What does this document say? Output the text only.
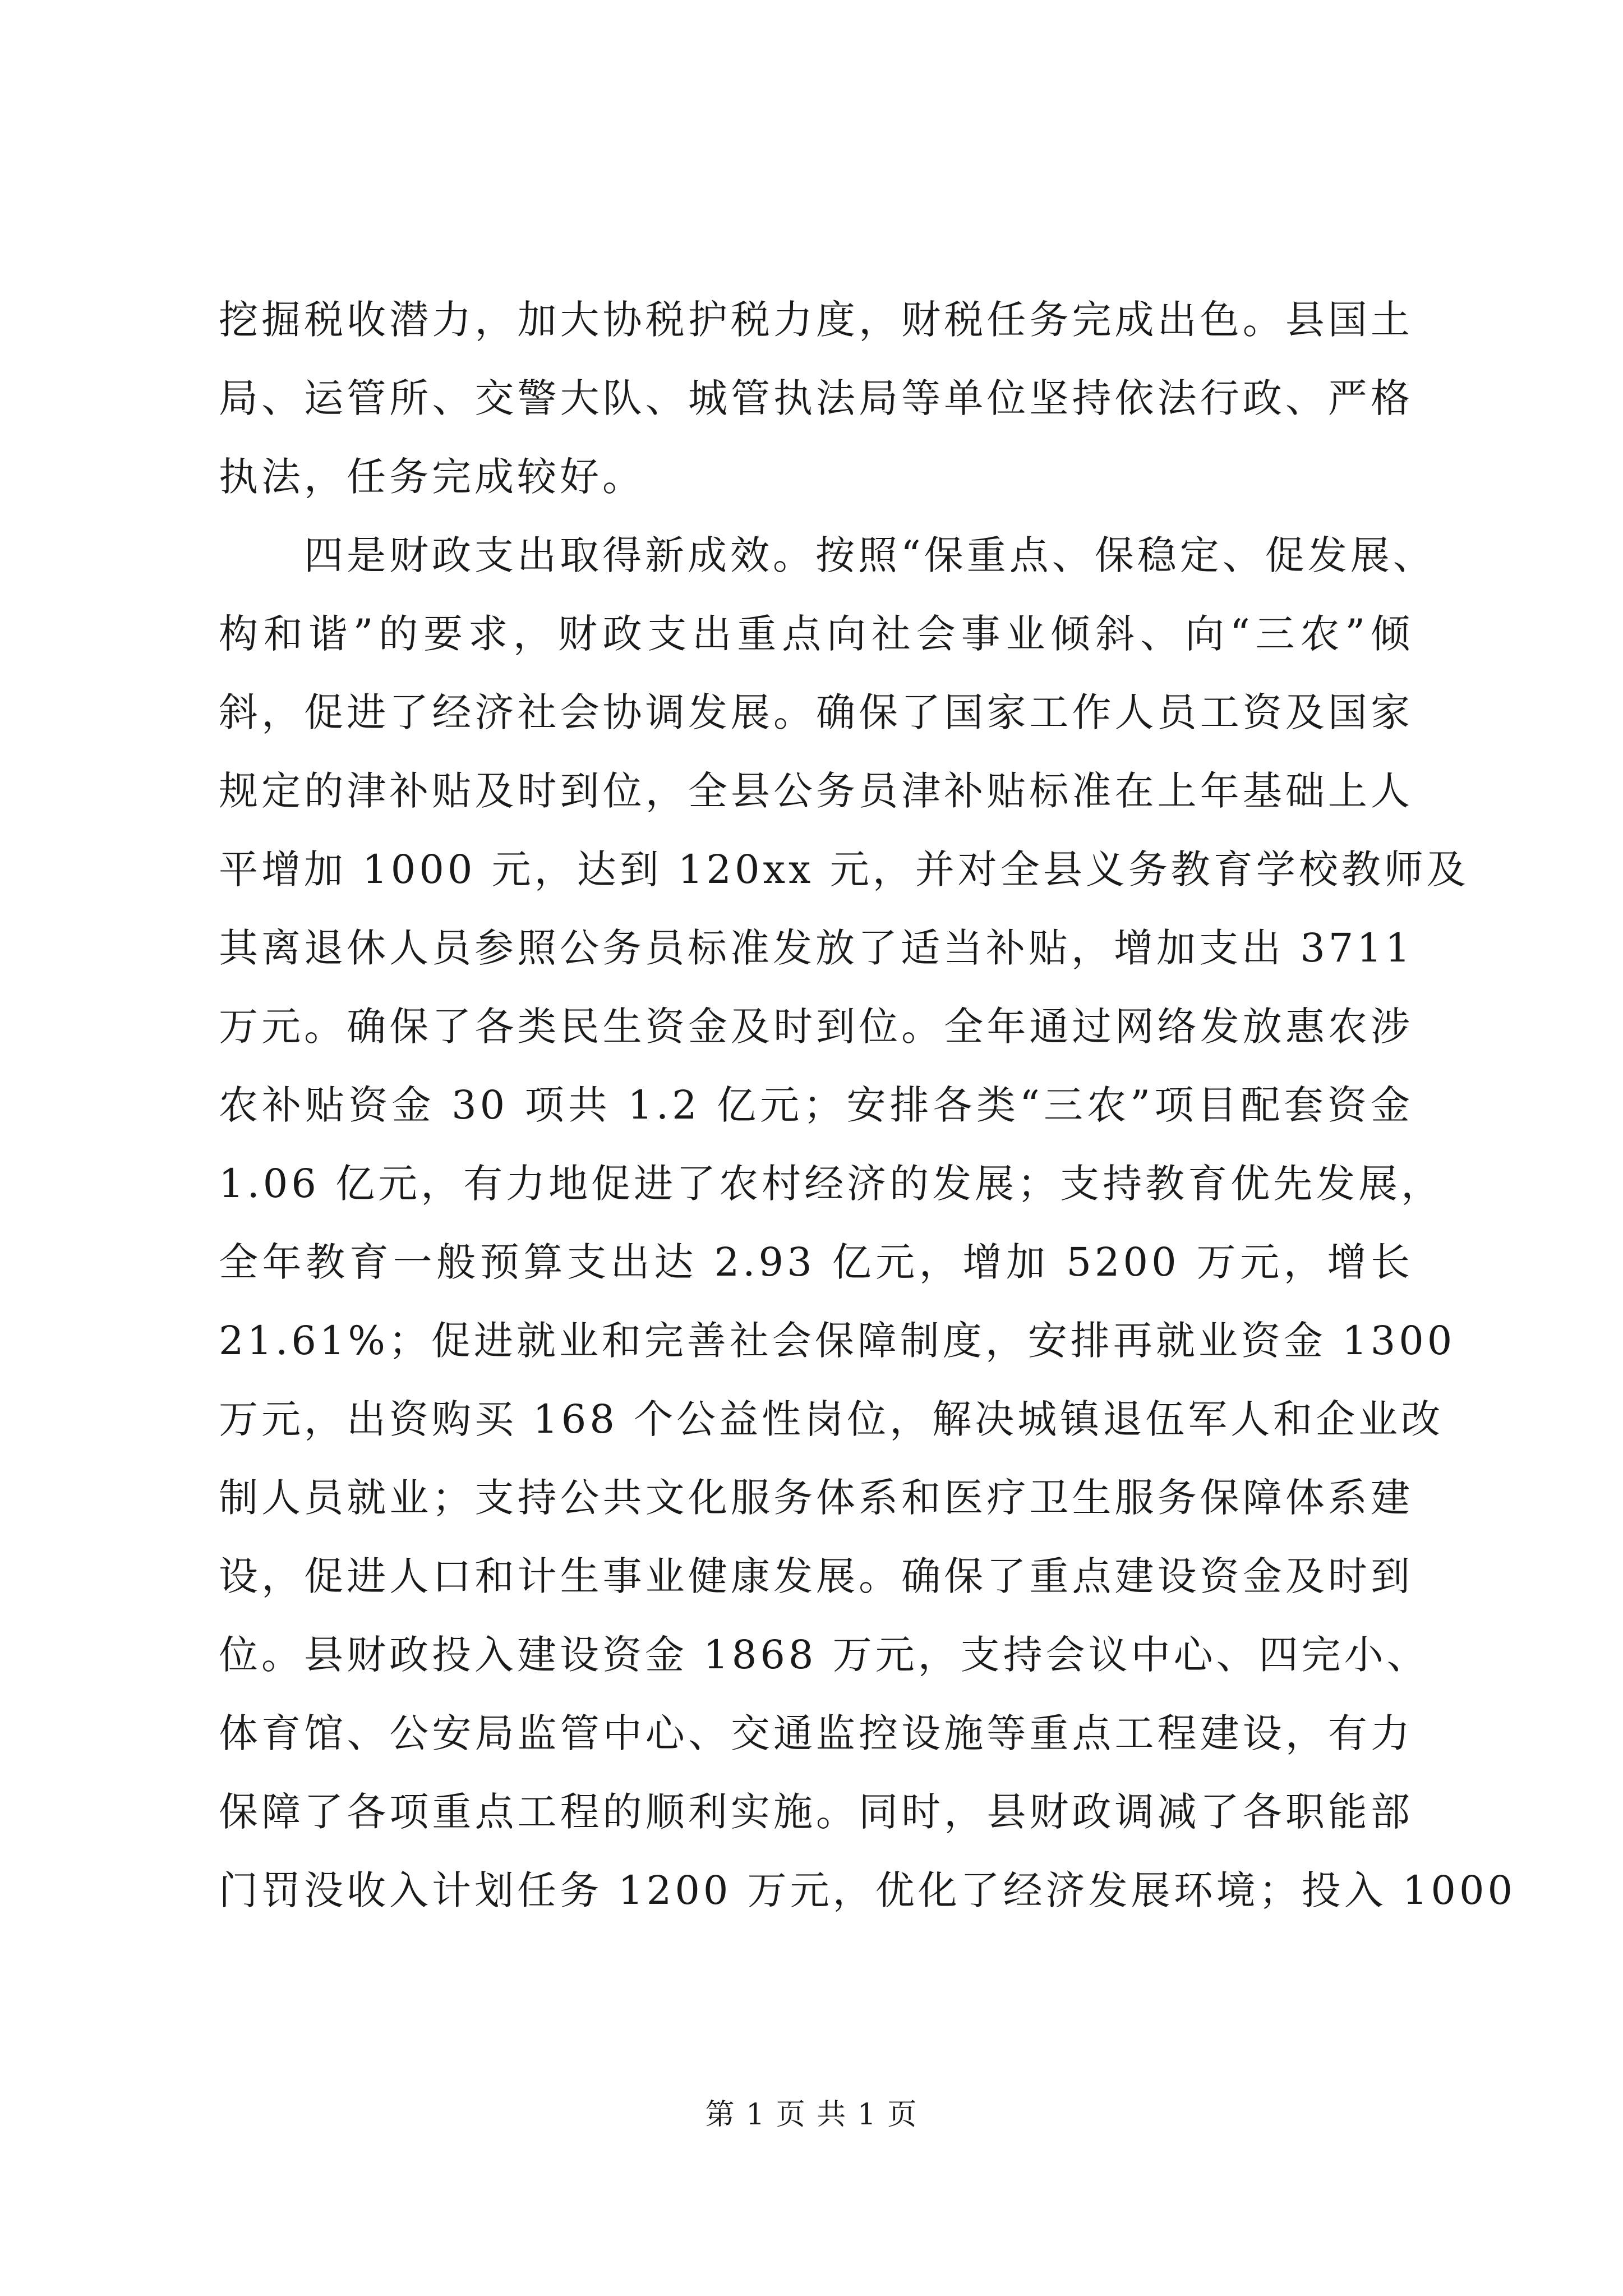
挖掘税收潜力，加大协税护税力度，财税任务完成出色。县国土
局、运管所、交警大队、城管执法局等单位坚持依法行政、严格
执法，任务完成较好。
　　四是财政支出取得新成效。按照“保重点、保稳定、促发展、
构和谐”的要求，财政支出重点向社会事业倾斜、向“三农”倾
斜，促进了经济社会协调发展。确保了国家工作人员工资及国家
规定的津补贴及时到位，全县公务员津补贴标准在上年基础上人
平增加 1000 元，达到 120xx 元，并对全县义务教育学校教师及
其离退休人员参照公务员标准发放了适当补贴，增加支出 3711
万元。确保了各类民生资金及时到位。全年通过网络发放惠农涉
农补贴资金 30 项共 1.2 亿元；安排各类“三农”项目配套资金
1.06 亿元，有力地促进了农村经济的发展；支持教育优先发展，
全年教育一般预算支出达 2.93 亿元，增加 5200 万元，增长
21.61%；促进就业和完善社会保障制度，安排再就业资金 1300
万元，出资购买 168 个公益性岗位，解决城镇退伍军人和企业改
制人员就业；支持公共文化服务体系和医疗卫生服务保障体系建
设，促进人口和计生事业健康发展。确保了重点建设资金及时到
位。县财政投入建设资金 1868 万元，支持会议中心、四完小、
体育馆、公安局监管中心、交通监控设施等重点工程建设，有力
保障了各项重点工程的顺利实施。同时，县财政调减了各职能部
门罚没收入计划任务 1200 万元，优化了经济发展环境；投入 1000
第 1 页 共 1 页
